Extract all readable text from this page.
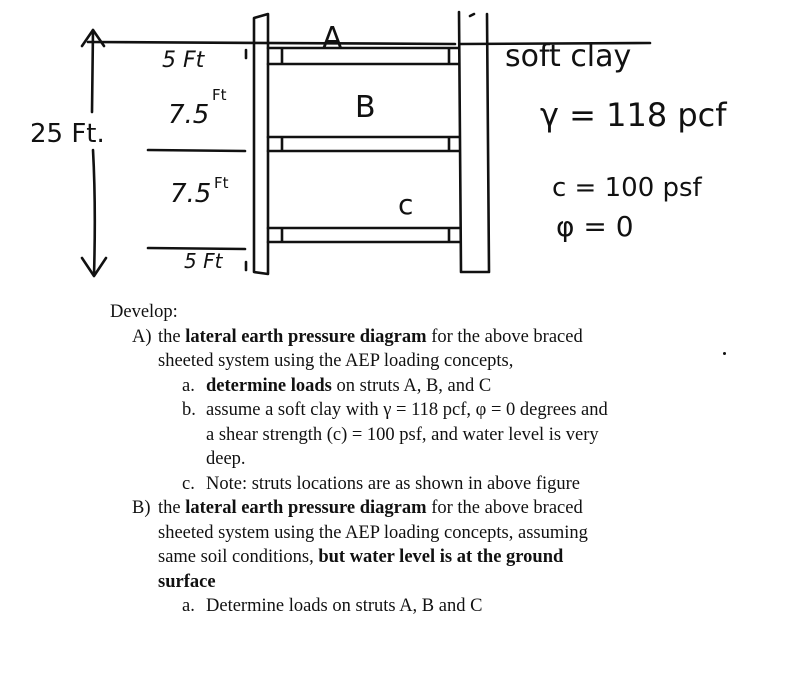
A
B
c
5 Ft
7.5
Ft
7.5 Ft
5 Ft
25 Ft.
soft clay
γ = 118 pcf
c = 100 psf
φ = 0
Develop:
A) the lateral earth pressure diagram for the above braced
sheeted system using the AEP loading concepts,
a. determine loads on struts A, B, and C
b. assume a soft clay with γ = 118 pcf, φ = 0 degrees and
a shear strength (c) = 100 psf, and water level is very
deep.
c. Note: struts locations are as shown in above figure
B) the lateral earth pressure diagram for the above braced
sheeted system using the AEP loading concepts, assuming
same soil conditions, but water level is at the ground
surface
a. Determine loads on struts A, B and C
